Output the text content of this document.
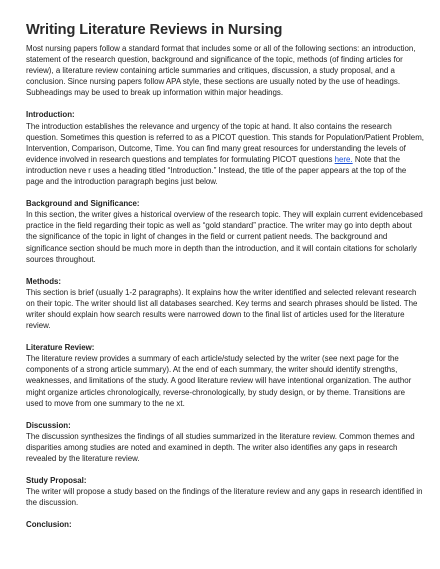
Writing Literature Reviews in Nursing

Most nursing papers follow a standard format that includes some or all of the following sections: an introduction, statement of the research question, background and significance of the topic, methods (of finding articles for review), a literature review containing article summaries and critiques, discussion, a study proposal, and a conclusion. Since nursing papers follow APA style, these sections are usually noted by the use of headings. Subheadings may be used to break up information within major headings.

Introduction:
The introduction establishes the relevance and urgency of the topic at hand. It also contains the research question. Sometimes this question is referred to as a PICOT question. This stands for Population/Patient Problem, Intervention, Comparison, Outcome, Time. You can find many great resources for understanding the levels of evidence involved in research questions and templates for formulating PICOT questions here. Note that the introduction neve r uses a heading titled “Introduction.” Instead, the title of the paper appears at the top of the page and the introduction paragraph begins just below.

Background and Significance:
In this section, the writer gives a historical overview of the research topic. They will explain current evidencebased practice in the field regarding their topic as well as “gold standard” practice. The writer may go into depth about the significance of the topic in light of changes in the field or current patient needs. The background and significance section should be much more in depth than the introduction, and it will contain citations for scholarly sources throughout.

Methods:
This section is brief (usually 1-2 paragraphs). It explains how the writer identified and selected relevant research on their topic. The writer should list all databases searched. Key terms and search phrases should be listed. The writer should explain how search results were narrowed down to the final list of articles used for the literature review.

Literature Review:
The literature review provides a summary of each article/study selected by the writer (see next page for the components of a strong article summary). At the end of each summary, the writer should identify strengths, weaknesses, and limitations of the study. A good literature review will have intentional organization. The author might organize articles chronologically, reverse-chronologically, by study design, or by theme. Transitions are used to move from one summary to the ne xt.

Discussion:
The discussion synthesizes the findings of all studies summarized in the literature review. Common themes and disparities among studies are noted and examined in depth. The writer also identifies any gaps in research revealed by the literature review.

Study Proposal:
The writer will propose a study based on the findings of the literature review and any gaps in research identified in the discussion.

Conclusion:
